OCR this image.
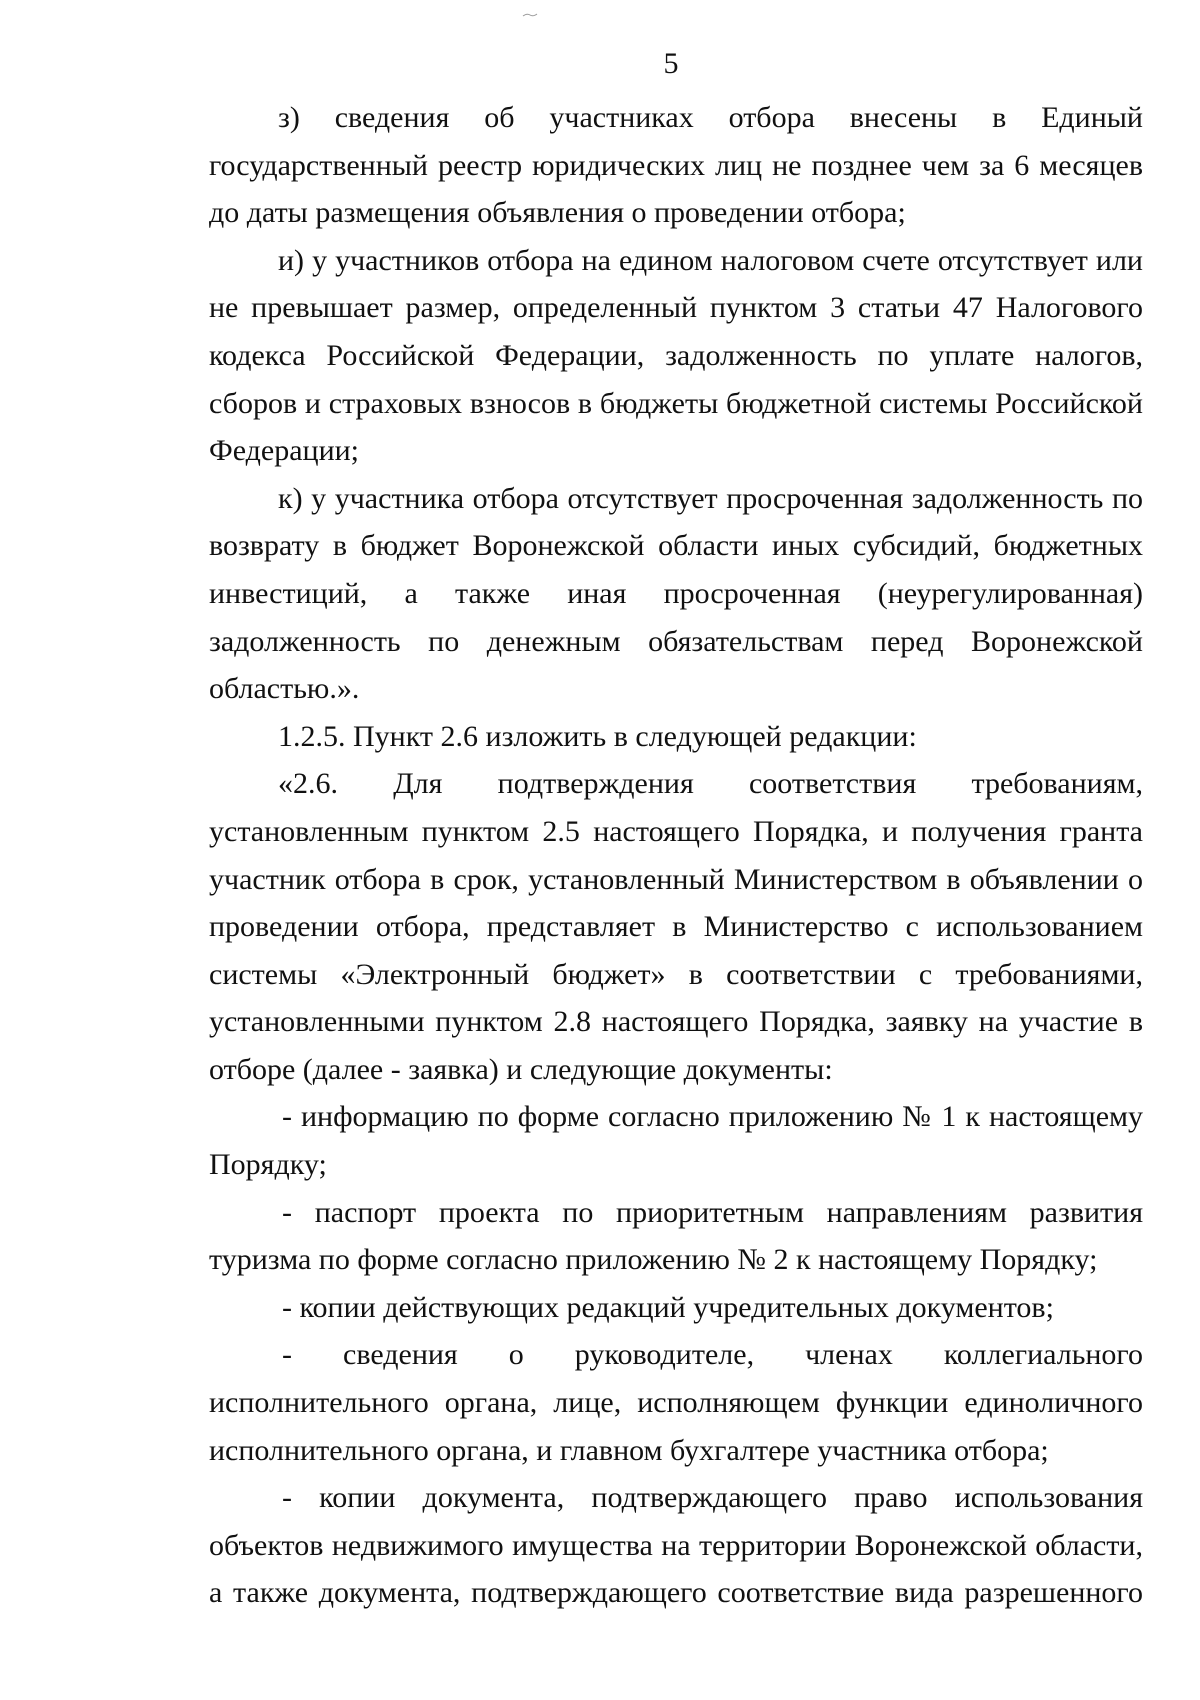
5

з) сведения об участниках отбора внесены в Единый государственный реестр юридических лиц не позднее чем за 6 месяцев до даты размещения объявления о проведении отбора;

и) у участников отбора на едином налоговом счете отсутствует или не превышает размер, определенный пунктом 3 статьи 47 Налогового кодекса Российской Федерации, задолженность по уплате налогов, сборов и страховых взносов в бюджеты бюджетной системы Российской Федерации;

к) у участника отбора отсутствует просроченная задолженность по возврату в бюджет Воронежской области иных субсидий, бюджетных инвестиций, а также иная просроченная (неурегулированная) задолженность по денежным обязательствам перед Воронежской областью.».

1.2.5. Пункт 2.6 изложить в следующей редакции:

«2.6. Для подтверждения соответствия требованиям, установленным пунктом 2.5 настоящего Порядка, и получения гранта участник отбора в срок, установленный Министерством в объявлении о проведении отбора, представляет в Министерство с использованием системы «Электронный бюджет» в соответствии с требованиями, установленными пунктом 2.8 настоящего Порядка, заявку на участие в отборе (далее - заявка) и следующие документы:

- информацию по форме согласно приложению № 1 к настоящему Порядку;

- паспорт проекта по приоритетным направлениям развития туризма по форме согласно приложению № 2 к настоящему Порядку;

- копии действующих редакций учредительных документов;

- сведения о руководителе, членах коллегиального исполнительного органа, лице, исполняющем функции единоличного исполнительного органа, и главном бухгалтере участника отбора;

- копии документа, подтверждающего право использования объектов недвижимого имущества на территории Воронежской области, а также документа, подтверждающего соответствие вида разрешенного
